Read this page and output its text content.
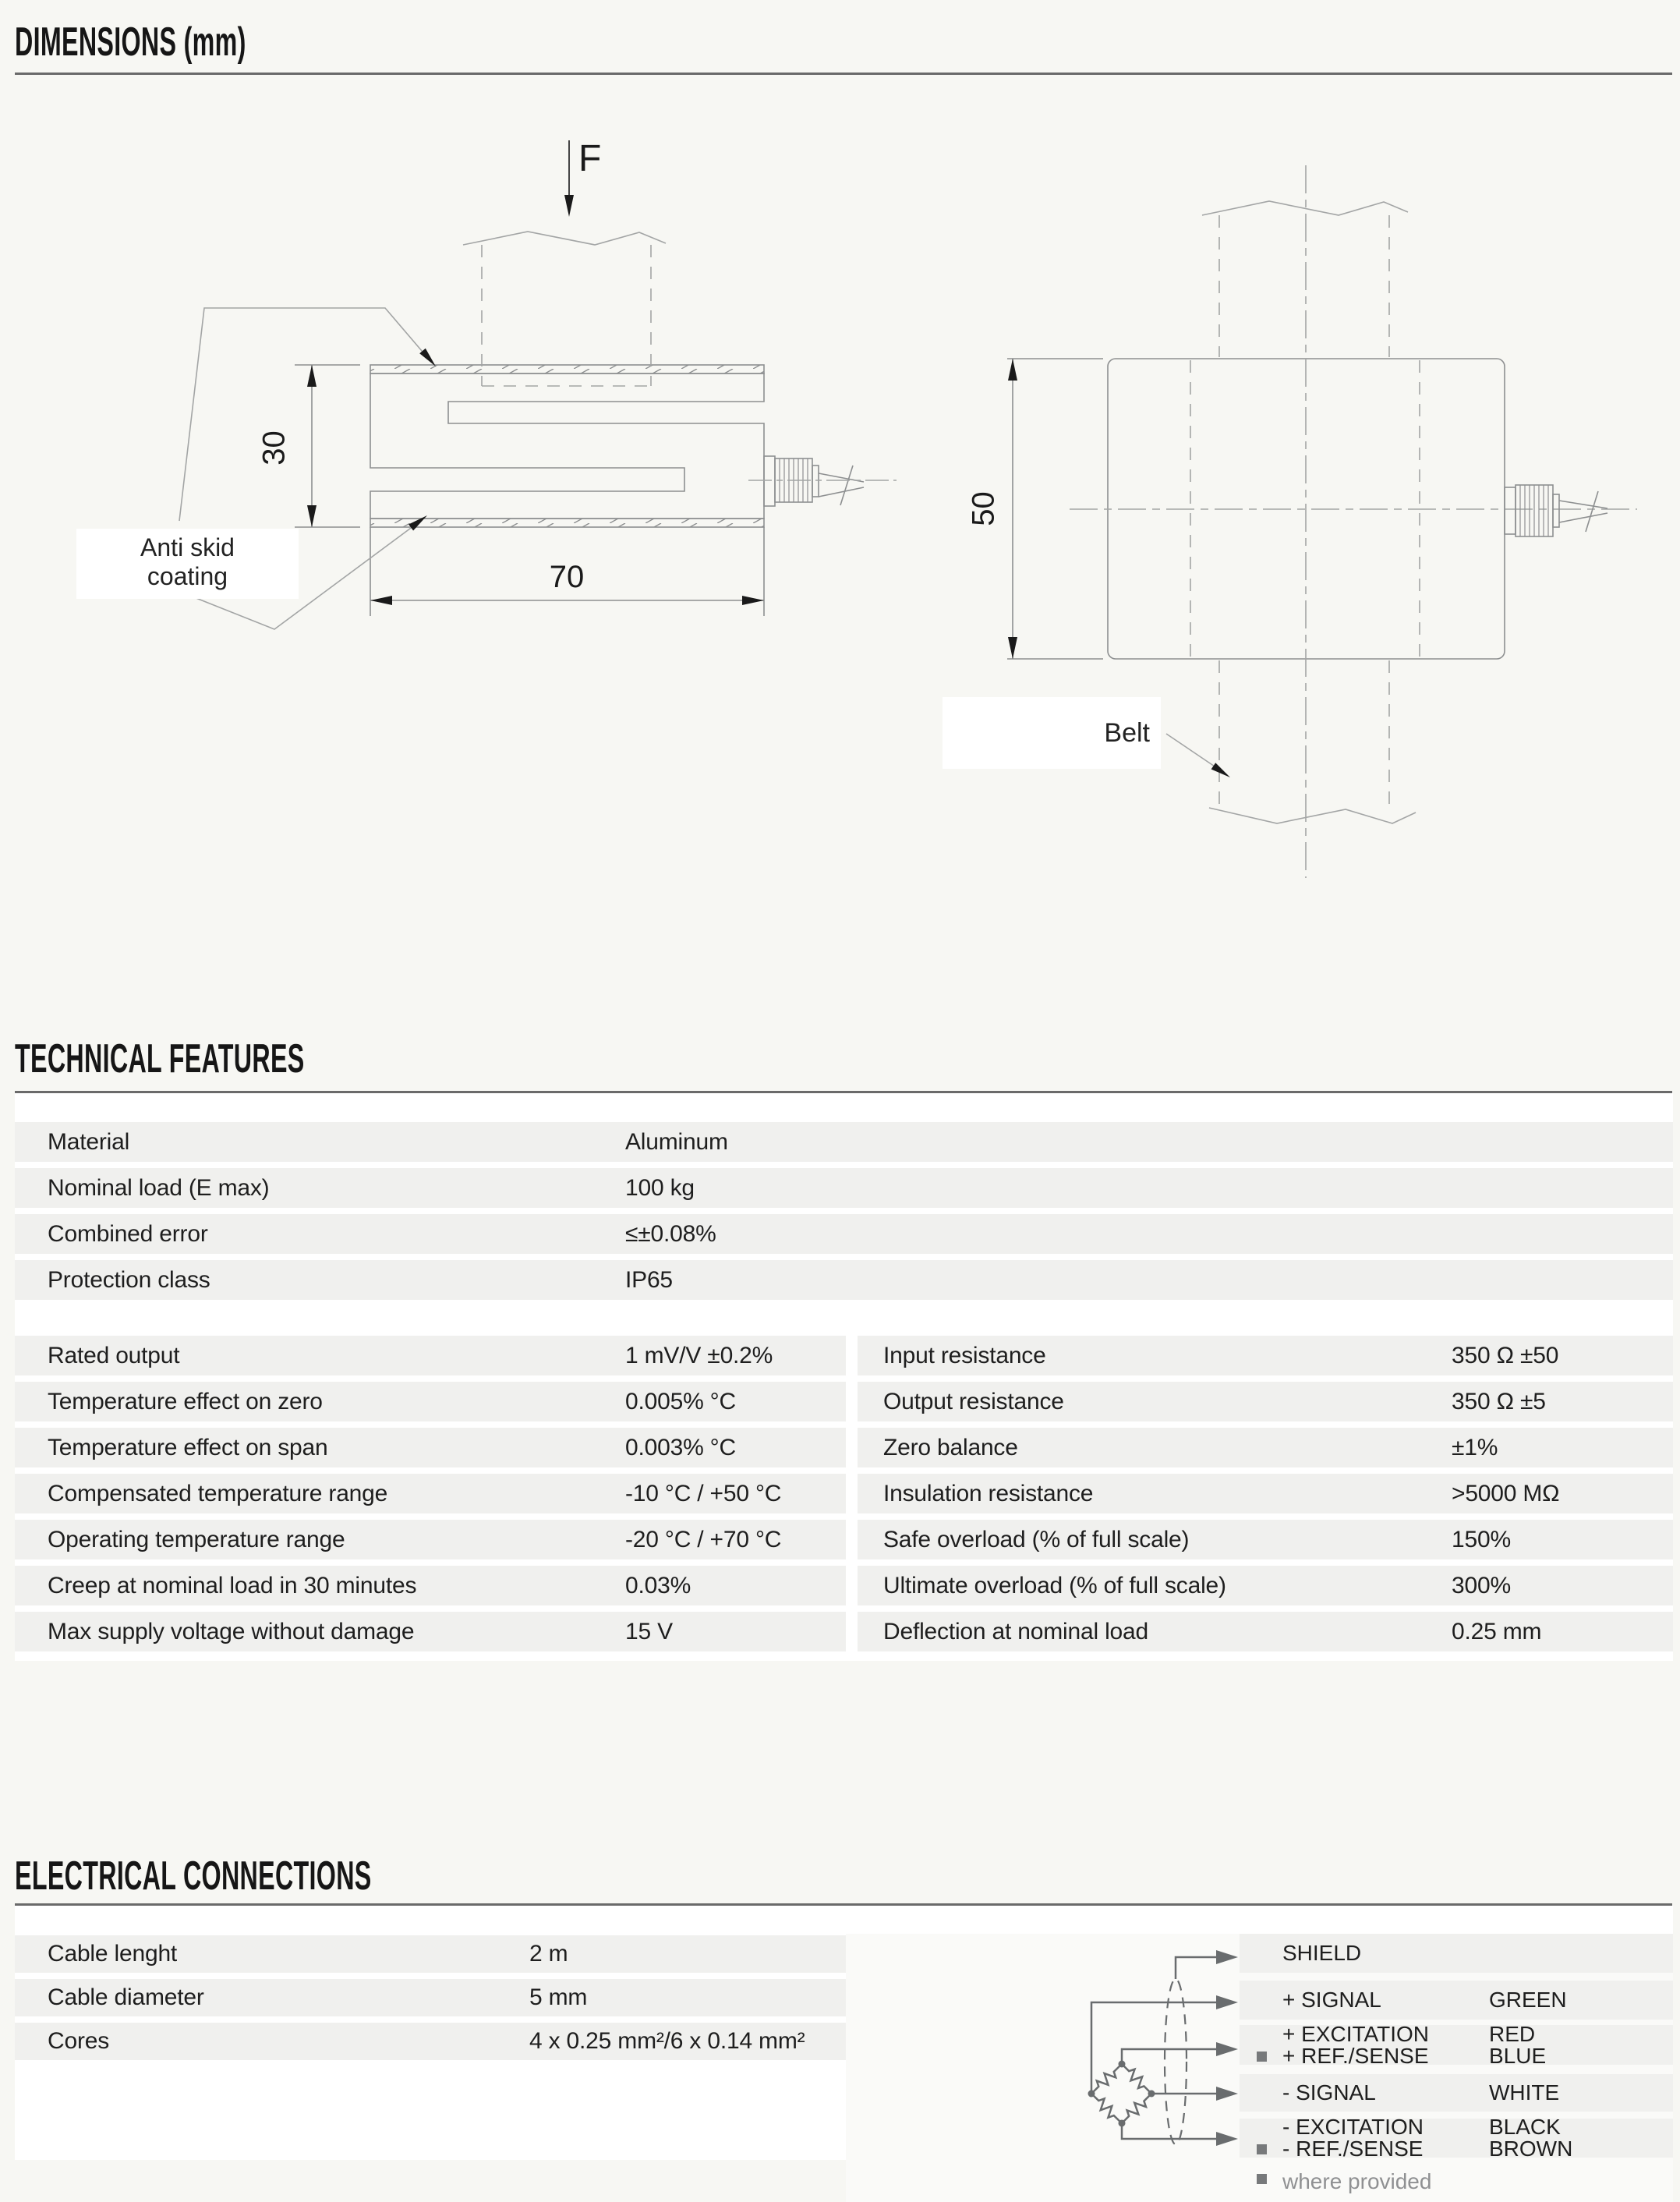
DIMENSIONS (mm)
TECHNICAL FEATURES
ELECTRICAL CONNECTIONS
F
30
70
50
Anti skid
coating
Belt
Material	Aluminum
Nominal load (E max)	100 kg
Combined error	≤±0.08%
Protection class	IP65
Rated output	1 mV/V ±0.2%
Temperature effect on zero	0.005% °C
Temperature effect on span	0.003% °C
Compensated temperature range	-10 °C / +50 °C
Operating temperature range	-20 °C / +70 °C
Creep at nominal load in 30 minutes	0.03%
Max supply voltage without damage	15 V
Input resistance	350 Ω ±50
Output resistance	350 Ω ±5
Zero balance	±1%
Insulation resistance	>5000 MΩ
Safe overload (% of full scale)	150%
Ultimate overload (% of full scale)	300%
Deflection at nominal load	0.25 mm
Cable lenght	2 m
Cable diameter	5 mm
Cores	4 x 0.25 mm²/6 x 0.14 mm²
SHIELD
+ SIGNAL	GREEN
+ EXCITATION	RED
+ REF./SENSE	BLUE
- SIGNAL	WHITE
- EXCITATION	BLACK
- REF./SENSE	BROWN
where provided
